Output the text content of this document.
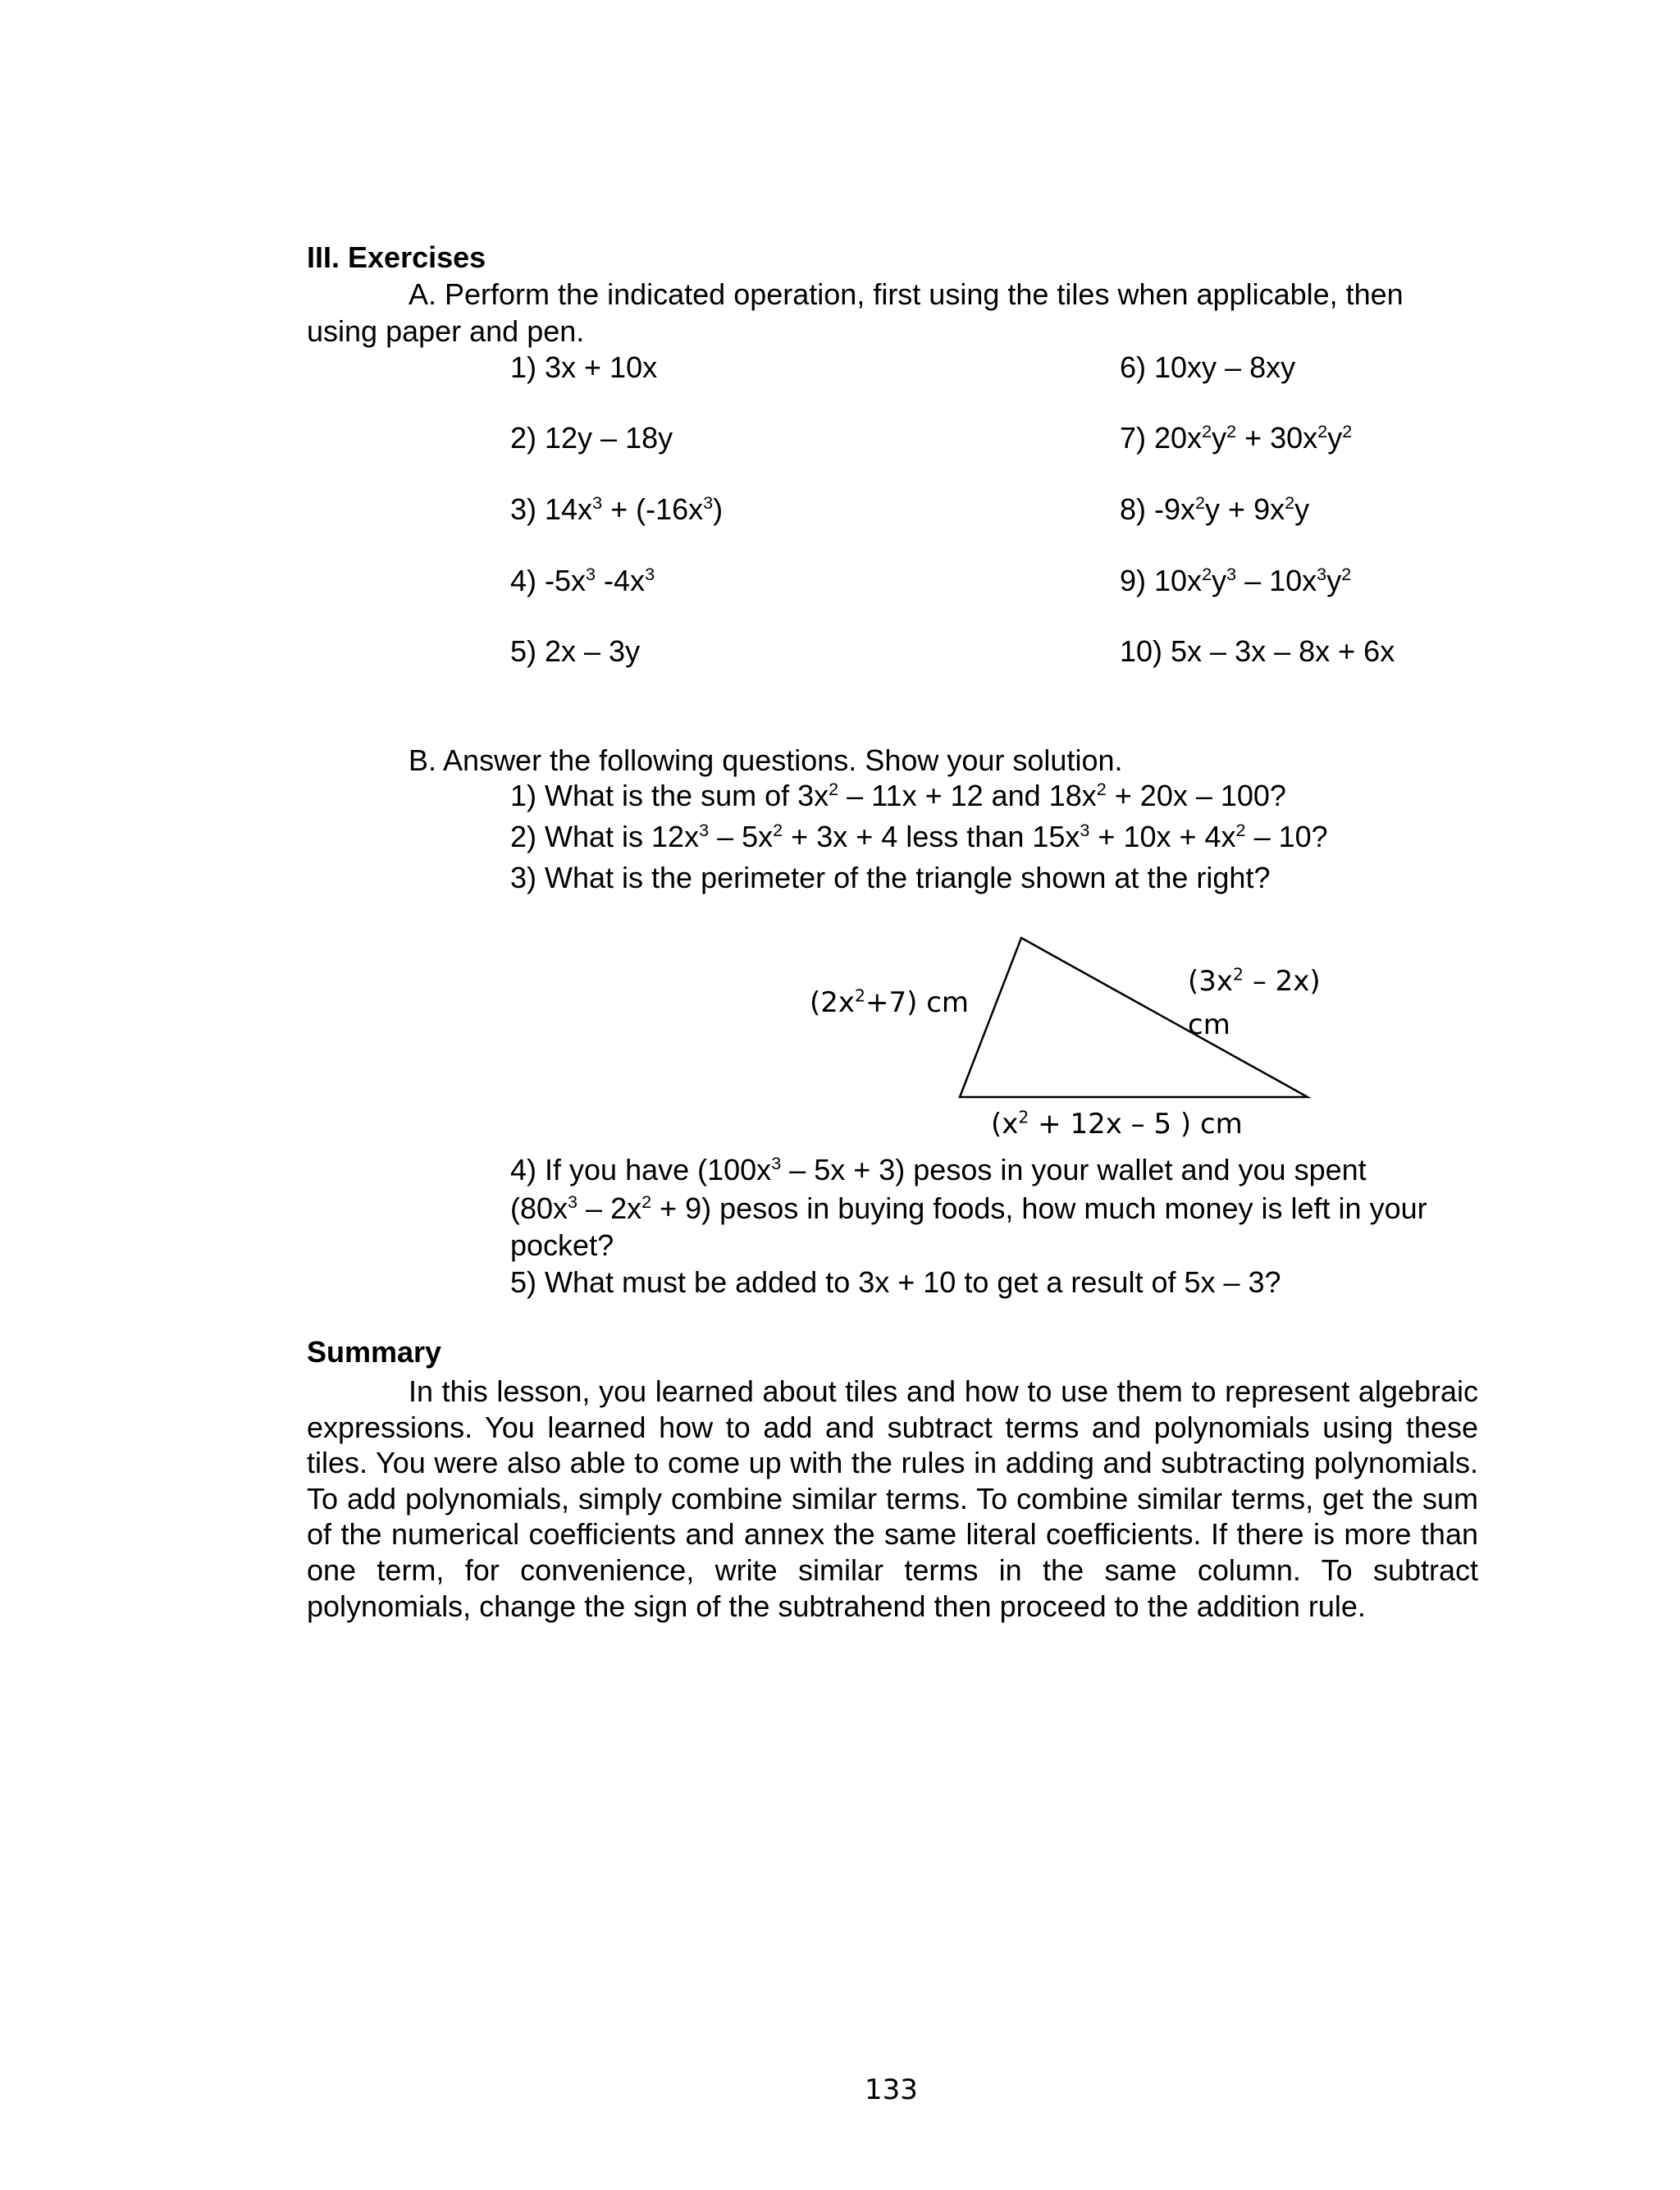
III. Exercises
A. Perform the indicated operation, first using the tiles when applicable, then
using paper and pen.
1) 3x + 10x
2) 12y – 18y
3) $14x^3 + (-16x^3)$
4) $-5x^3$ $-4x^3$
5) 2x – 3y
6) 10xy – 8xy
7) $20x^2y^2 + 30x^2y^2$
8) $-9x^2y + 9x^2y$
9) $10x^2y^3 - 10x^3y^2$
10) 5x – 3x – 8x + 6x
B. Answer the following questions. Show your solution.
1) What is the sum of $3x^2 - 11x + 12$ and $18x^2 + 20x - 100$?
2) What is $12x^3 - 5x^2 + 3x + 4$ less than $15x^3 + 10x + 4x^2 - 10$?
3) What is the perimeter of the triangle shown at the right?
$(2x^2+7)$ cm
$(3x^2 - 2x)$
cm
($x^2 + 12x - 5$ ) cm
4) If you have $(100x^3 - 5x + 3)$ pesos in your wallet and you spent
$(80x^3 - 2x^2 + 9)$ pesos in buying foods, how much money is left in your
pocket?
5) What must be added to 3x + 10 to get a result of 5x – 3?
Summary

In this lesson, you learned about tiles and how to use them to represent algebraic expressions. You learned how to add and subtract terms and polynomials using these tiles. You were also able to come up with the rules in adding and subtracting polynomials. To add polynomials, simply combine similar terms. To combine similar terms, get the sum of the numerical coefficients and annex the same literal coefficients. If there is more than one term, for convenience, write similar terms in the same column. To subtract polynomials, change the sign of the subtrahend then proceed to the addition rule.

133
